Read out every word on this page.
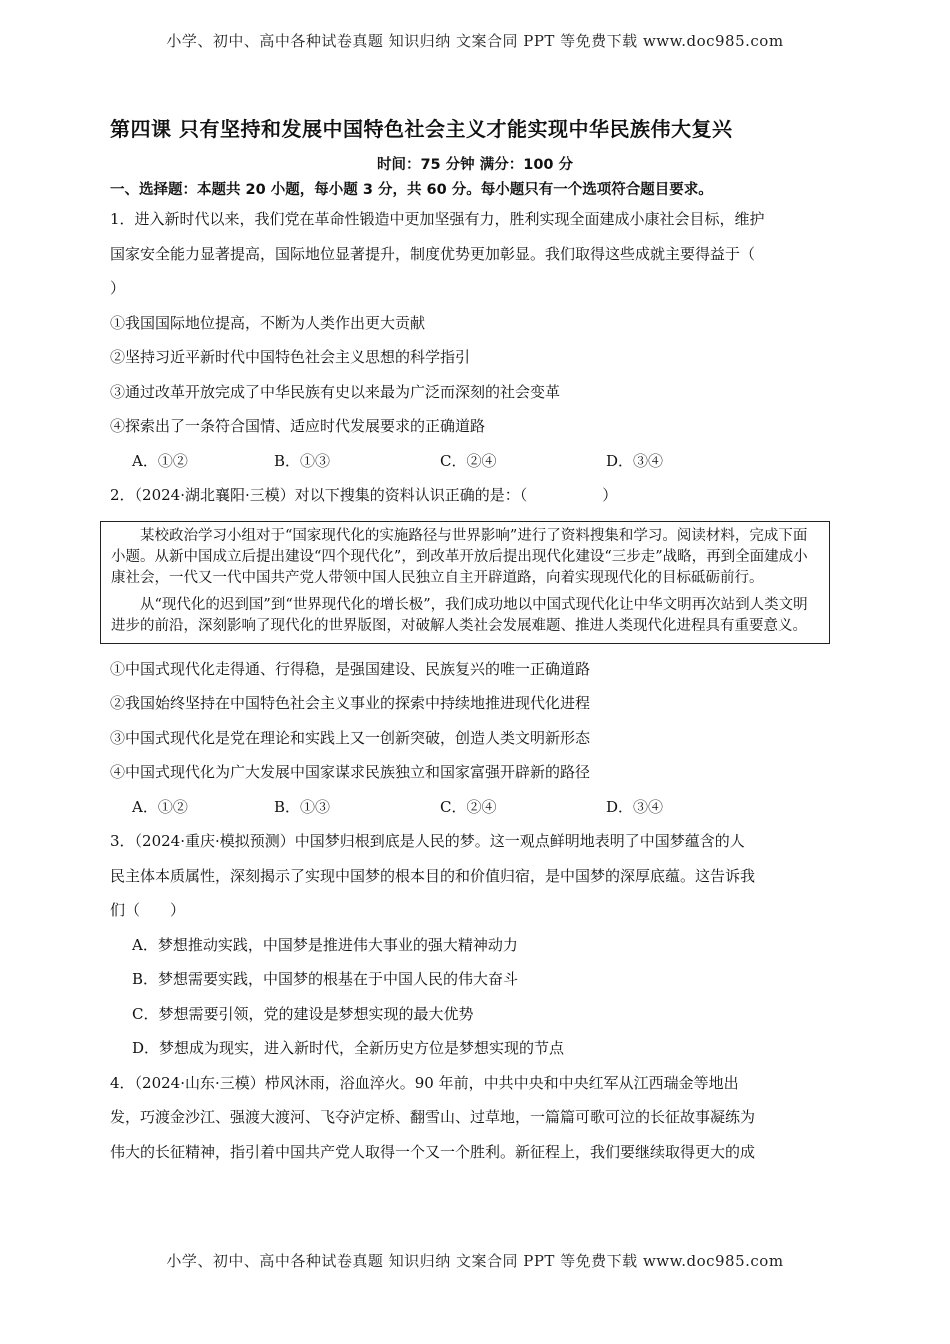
小学、初中、高中各种试卷真题 知识归纳 文案合同 PPT 等免费下载 www.doc985.com
第四课 只有坚持和发展中国特色社会主义才能实现中华民族伟大复兴
时间：75 分钟 满分：100 分
一、选择题：本题共 20 小题，每小题 3 分，共 60 分。每小题只有一个选项符合题目要求。

1．进入新时代以来，我们党在革命性锻造中更加坚强有力，胜利实现全面建成小康社会目标，维护

国家安全能力显著提高，国际地位显著提升，制度优势更加彰显。我们取得这些成就主要得益于（

）

①我国国际地位提高，不断为人类作出更大贡献

②坚持习近平新时代中国特色社会主义思想的科学指引

③通过改革开放完成了中华民族有史以来最为广泛而深刻的社会变革

④探索出了一条符合国情、适应时代发展要求的正确道路

A．①②	B．①③	C．②④	D．③④

2．（2024·湖北襄阳·三模）对以下搜集的资料认识正确的是：（　　　　　）

某校政治学习小组对于“国家现代化的实施路径与世界影响”进行了资料搜集和学习。阅读材料，完成下面小题。从新中国成立后提出建设“四个现代化”，到改革开放后提出现代化建设“三步走”战略，再到全面建成小康社会，一代又一代中国共产党人带领中国人民独立自主开辟道路，向着实现现代化的目标砥砺前行。

从“现代化的迟到国”到“世界现代化的增长极”，我们成功地以中国式现代化让中华文明再次站到人类文明进步的前沿，深刻影响了现代化的世界版图，对破解人类社会发展难题、推进人类现代化进程具有重要意义。

①中国式现代化走得通、行得稳，是强国建设、民族复兴的唯一正确道路

②我国始终坚持在中国特色社会主义事业的探索中持续地推进现代化进程

③中国式现代化是党在理论和实践上又一创新突破，创造人类文明新形态

④中国式现代化为广大发展中国家谋求民族独立和国家富强开辟新的路径

A．①②	B．①③	C．②④	D．③④

3．（2024·重庆·模拟预测）中国梦归根到底是人民的梦。这一观点鲜明地表明了中国梦蕴含的人

民主体本质属性，深刻揭示了实现中国梦的根本目的和价值归宿，是中国梦的深厚底蕴。这告诉我

们（　　）

A．梦想推动实践，中国梦是推进伟大事业的强大精神动力

B．梦想需要实践，中国梦的根基在于中国人民的伟大奋斗

C．梦想需要引领，党的建设是梦想实现的最大优势

D．梦想成为现实，进入新时代，全新历史方位是梦想实现的节点

4．（2024·山东·三模）栉风沐雨，浴血淬火。90 年前，中共中央和中央红军从江西瑞金等地出

发，巧渡金沙江、强渡大渡河、飞夺泸定桥、翻雪山、过草地，一篇篇可歌可泣的长征故事凝练为

伟大的长征精神，指引着中国共产党人取得一个又一个胜利。新征程上，我们要继续取得更大的成

小学、初中、高中各种试卷真题 知识归纳 文案合同 PPT 等免费下载 www.doc985.com
